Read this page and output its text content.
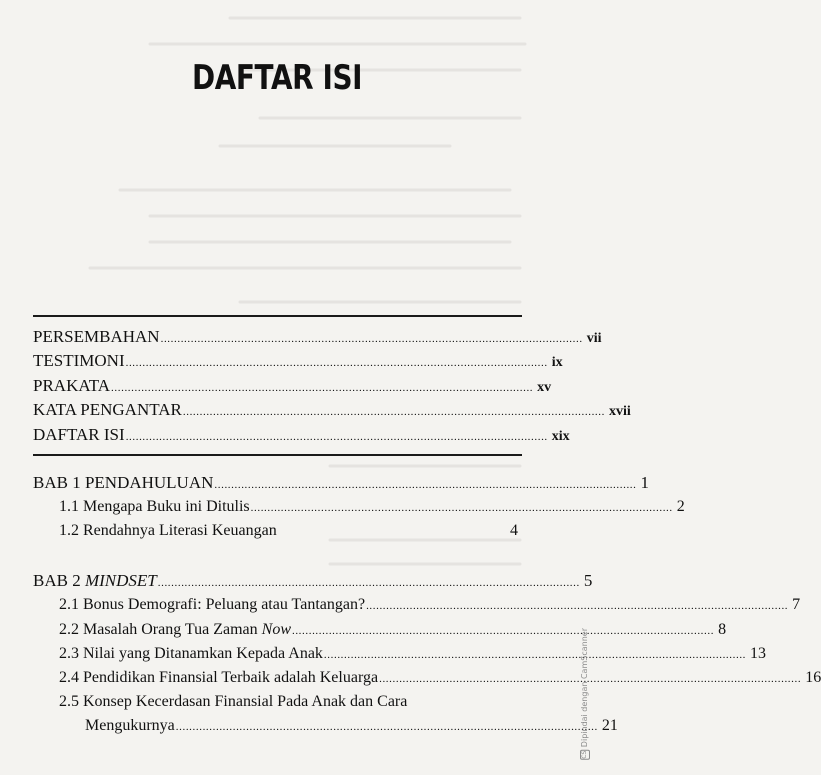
DAFTAR ISI
PERSEMBAHAN .............................................................................................................................. vii
TESTIMONI .............................................................................................................................. ix
PRAKATA .............................................................................................................................. xv
KATA PENGANTAR .............................................................................................................................. xvii
DAFTAR ISI .............................................................................................................................. xix
BAB 1 PENDAHULUAN .............................................................................................................................. 1
1.1 Mengapa Buku ini Ditulis .............................................................................................................................. 2
1.2 Rendahnya Literasi Keuangan	4
BAB 2 MINDSET .............................................................................................................................. 5
2.1 Bonus Demografi: Peluang atau Tantangan? .............................................................................................................................. 7
2.2 Masalah Orang Tua Zaman Now .............................................................................................................................. 8
2.3 Nilai yang Ditanamkan Kepada Anak .............................................................................................................................. 13
2.4 Pendidikan Finansial Terbaik adalah Keluarga .............................................................................................................................. 16
2.5 Konsep Kecerdasan Finansial Pada Anak dan Cara
Mengukurnya .............................................................................................................................. 21
CS Dipindai dengan CamScanner
